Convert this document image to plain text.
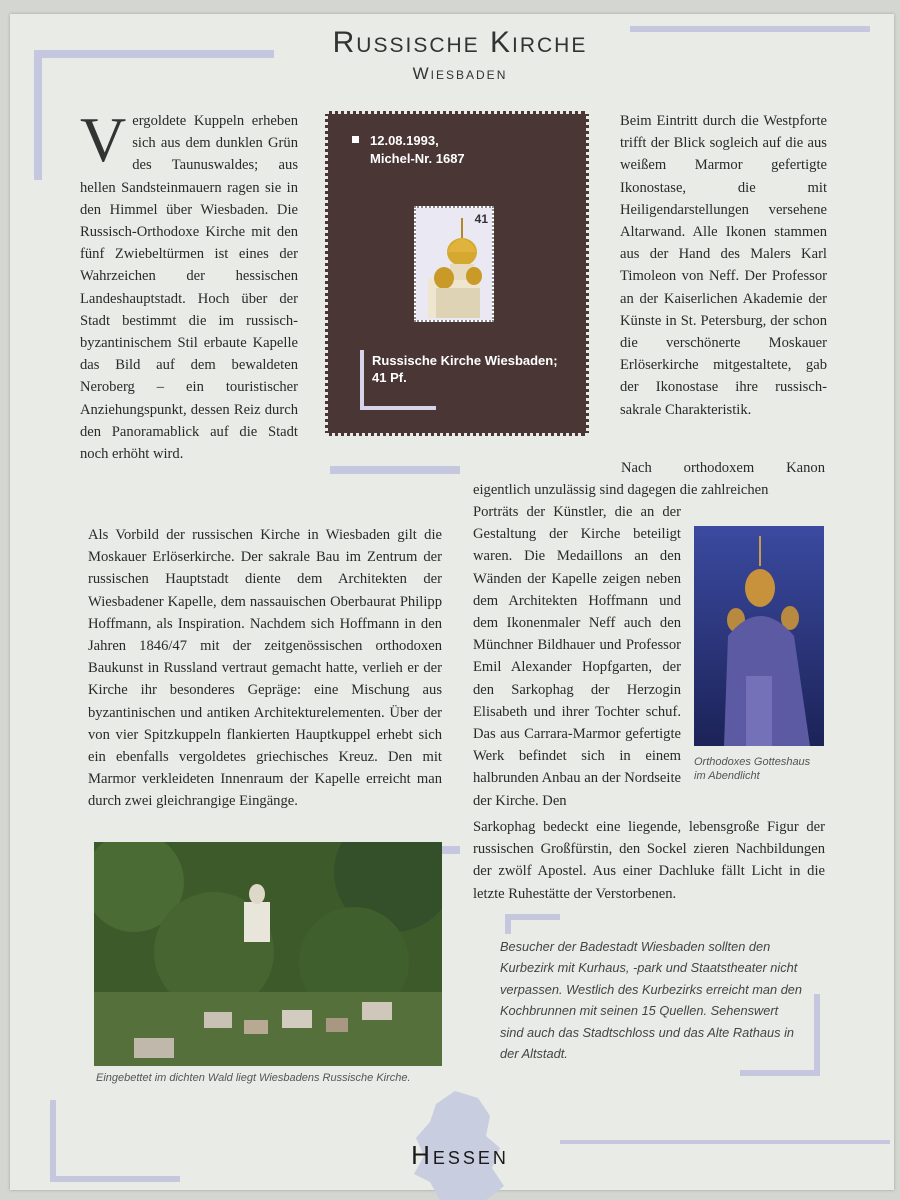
Russische Kirche
Wiesbaden
Vergoldete Kuppeln erheben sich aus dem dunklen Grün des Taunuswaldes; aus hellen Sandsteinmauern ragen sie in den Himmel über Wiesbaden. Die Russisch-Orthodoxe Kirche mit den fünf Zwiebeltürmen ist eines der Wahrzeichen der hessischen Landeshauptstadt. Hoch über der Stadt bestimmt die im russisch-byzantinischem Stil erbaute Kapelle das Bild auf dem bewaldeten Neroberg – ein touristischer Anziehungspunkt, dessen Reiz durch den Panoramablick auf die Stadt noch erhöht wird.
Als Vorbild der russischen Kirche in Wiesbaden gilt die Moskauer Erlöserkirche. Der sakrale Bau im Zentrum der russischen Hauptstadt diente dem Architekten der Wiesbadener Kapelle, dem nassauischen Oberbaurat Philipp Hoffmann, als Inspiration. Nachdem sich Hoffmann in den Jahren 1846/47 mit der zeitgenössischen orthodoxen Baukunst in Russland vertraut gemacht hatte, verlieh er der Kirche ihr besonderes Gepräge: eine Mischung aus byzantinischen und antiken Architekturelementen. Über der von vier Spitzkuppeln flankierten Hauptkuppel erhebt sich ein ebenfalls vergoldetes griechisches Kreuz. Den mit Marmor verkleideten Innenraum der Kapelle erreicht man durch zwei gleichrangige Eingänge.
12.08.1993,
Michel-Nr. 1687
41
Russische Kirche Wiesbaden;
41 Pf.
Beim Eintritt durch die Westpforte trifft der Blick sogleich auf die aus weißem Marmor gefertigte Ikonostase, die mit Heiligendarstellungen versehene Altarwand. Alle Ikonen stammen aus der Hand des Malers Karl Timoleon von Neff. Der Professor an der Kaiserlichen Akademie der Künste in St. Petersburg, der schon die verschönerte Moskauer Erlöserkirche mitgestaltete, gab der Ikonostase ihre russisch-sakrale Charakteristik.
Nach orthodoxem Kanon eigentlich unzulässig sind dagegen die zahlreichen
Porträts der Künstler, die an der Gestaltung der Kirche beteiligt waren. Die Medaillons an den Wänden der Kapelle zeigen neben dem Architekten Hoffmann und dem Ikonenmaler Neff auch den Münchner Bildhauer und Professor Emil Alexander Hopfgarten, der den Sarkophag der Herzogin Elisabeth und ihrer Tochter schuf. Das aus Carrara-Marmor gefertigte Werk befindet sich in einem halbrunden Anbau an der Nordseite der Kirche. Den
Sarkophag bedeckt eine liegende, lebensgroße Figur der russischen Großfürstin, den Sockel zieren Nachbildungen der zwölf Apostel. Aus einer Dachluke fällt Licht in die letzte Ruhestätte der Verstorbenen.
Orthodoxes Gotteshaus
im Abendlicht
Eingebettet im dichten Wald liegt Wiesbadens Russische Kirche.
Besucher der Badestadt Wiesbaden sollten den Kurbezirk mit Kurhaus, -park und Staatstheater nicht verpassen. Westlich des Kurbezirks erreicht man den Kochbrunnen mit seinen 15 Quellen. Sehenswert sind auch das Stadtschloss und das Alte Rathaus in der Altstadt.
Hessen
